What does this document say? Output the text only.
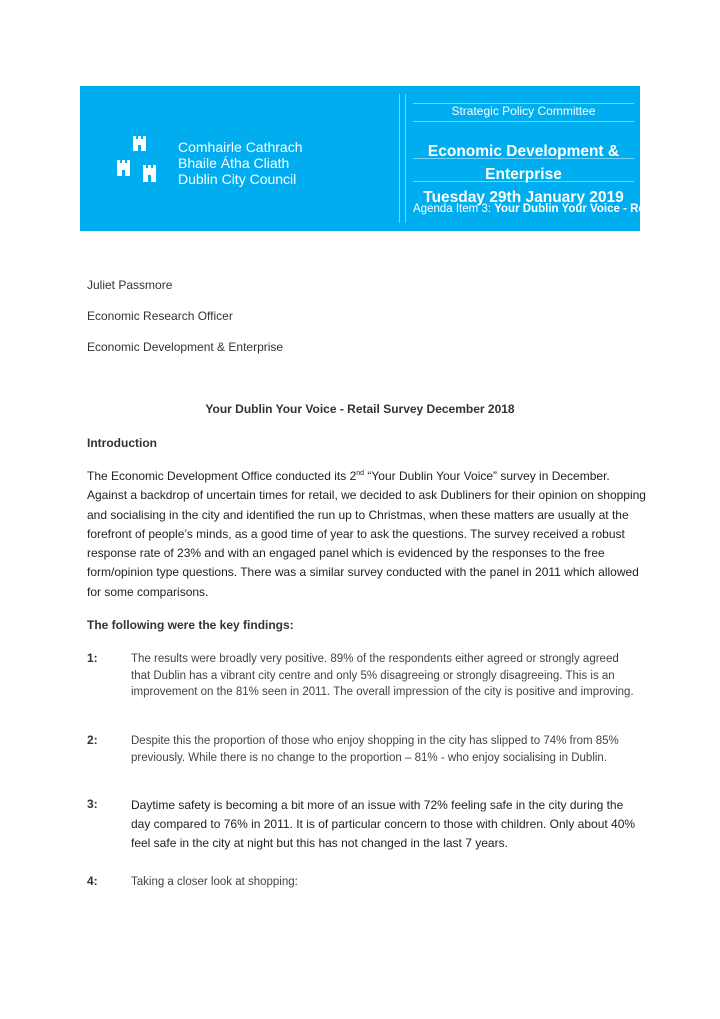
Comhairle Cathrach
Bhaile Átha Cliath
Dublin City Council
Strategic Policy Committee
Economic Development & Enterprise
Tuesday 29th January 2019
Agenda Item 3: Your Dublin Your Voice - Retail Survey
Juliet Passmore
Economic Research Officer
Economic Development & Enterprise
Your Dublin Your Voice - Retail Survey December 2018
Introduction
The Economic Development Office conducted its 2nd “Your Dublin Your Voice” survey in December. Against a backdrop of uncertain times for retail, we decided to ask Dubliners for their opinion on shopping and socialising in the city and identified the run up to Christmas, when these matters are usually at the forefront of people’s minds, as a good time of year to ask the questions. The survey received a robust response rate of 23% and with an engaged panel which is evidenced by the responses to the free form/opinion type questions. There was a similar survey conducted with the panel in 2011 which allowed for some comparisons.
The following were the key findings:
1:	The results were broadly very positive. 89% of the respondents either agreed or strongly agreed that Dublin has a vibrant city centre and only 5% disagreeing or strongly disagreeing. This is an improvement on the 81% seen in 2011. The overall impression of the city is positive and improving.
2:	Despite this the proportion of those who enjoy shopping in the city has slipped to 74% from 85% previously. While there is no change to the proportion – 81% - who enjoy socialising in Dublin.
3:	Daytime safety is becoming a bit more of an issue with 72% feeling safe in the city during the day compared to 76% in 2011. It is of particular concern to those with children. Only about 40% feel safe in the city at night but this has not changed in the last 7 years.
4:	Taking a closer look at shopping:
